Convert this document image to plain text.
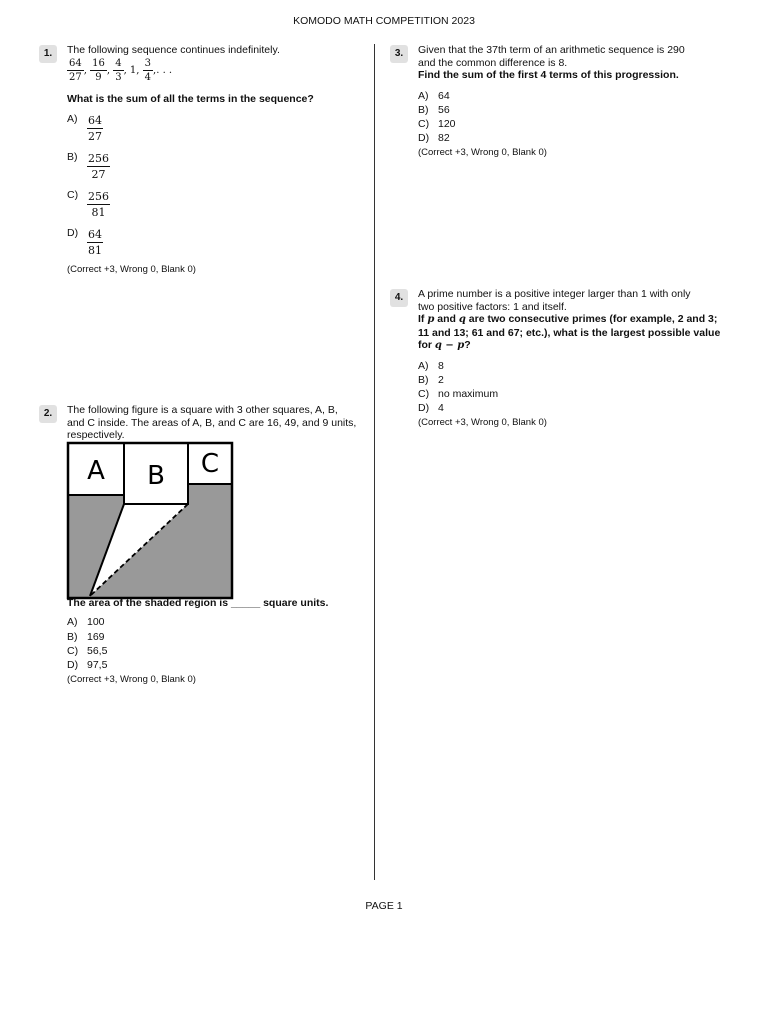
KOMODO MATH COMPETITION 2023
1.	The following sequence continues indefinitely.
$\frac{64}{27}$ , $\frac{16}{9}$ , $\frac{4}{3}$ , 1, $\frac{3}{4}$ ,. . .
What is the sum of all the terms in the sequence?
$A) \frac{64}{27}$
$B) \frac{256}{27}$
$C) \frac{256}{81}$
$D) \frac{64}{81}$
(Correct +3, Wrong 0, Blank 0)
2.	The following figure is a square with 3 other squares, A, B,
and C inside. The areas of A, B, and C are 16, 49, and 9 units,
respectively.
A B C
The area of the shaded region is _____ square units.
A) 100
B) 169
C) 56,5
D) 97,5
(Correct +3, Wrong 0, Blank 0)
3.	Given that the 37th term of an arithmetic sequence is 290
and the common difference is 8.
Find the sum of the first 4 terms of this progression.
A) 64
B) 56
C) 120
D) 82
(Correct +3, Wrong 0, Blank 0)
4.	A prime number is a positive integer larger than 1 with only
two positive factors: 1 and itself.
If p and q are two consecutive primes (for example, 2 and 3;
11 and 13; 61 and 67; etc.), what is the largest possible value
for q − p?
A) 8
B) 2
C) no maximum
D) 4
(Correct +3, Wrong 0, Blank 0)
PAGE 1
